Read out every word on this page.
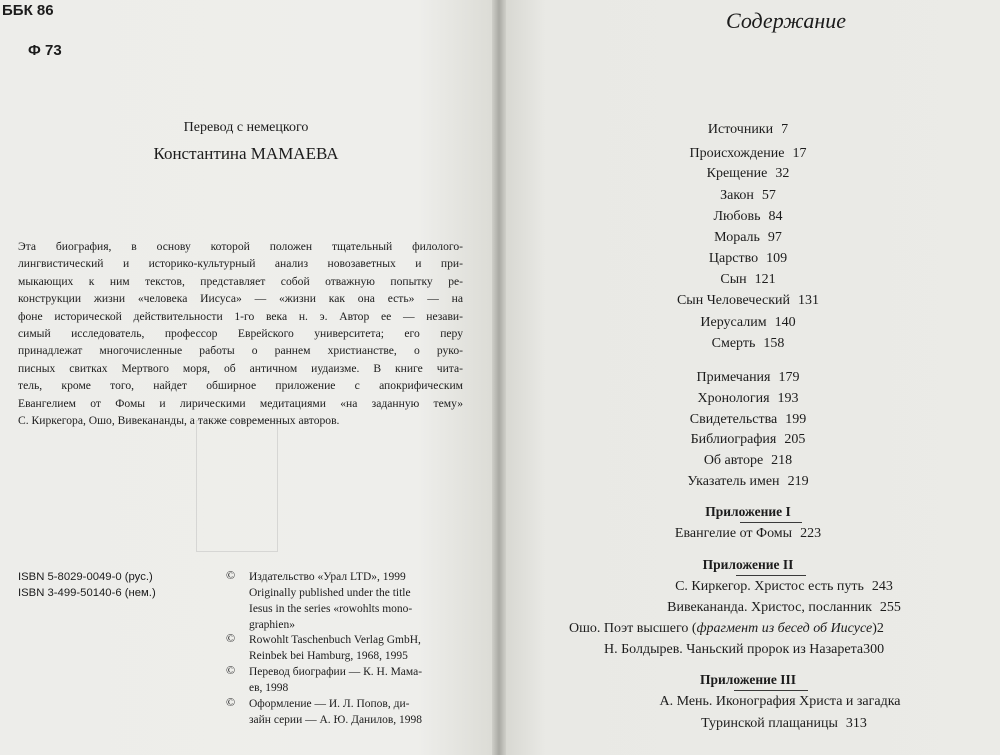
ББК 86
Ф 73
Перевод с немецкого
Константина МАМАЕВА
Эта биография, в основу которой положен тщательный филолого-
лингвистический и историко-культурный анализ новозаветных и при-
мыкающих к ним текстов, представляет собой отважную попытку ре-
конструкции жизни «человека Иисуса» — «жизни как она есть» — на
фоне исторической действительности 1-го века н. э. Автор ее — незави-
симый исследователь, профессор Еврейского университета; его перу
принадлежат многочисленные работы о раннем христианстве, о руко-
писных свитках Мертвого моря, об античном иудаизме. В книге чита-
тель, кроме того, найдет обширное приложение с апокрифическим
Евангелием от Фомы и лирическими медитациями «на заданную тему»
С. Киркегора, Ошо, Вивекананды, а также современных авторов.
ISBN 5-8029-0049-0 (рус.)
ISBN 3-499-50140-6 (нем.)
© Издательство «Урал LTD», 1999
Originally published under the title
Iesus in the series «rowohlts mono-
graphien»
© Rowohlt Taschenbuch Verlag GmbH,
Reinbek bei Hamburg, 1968, 1995
© Перевод биографии — К. Н. Мама-
ев, 1998
© Оформление — И. Л. Попов, ди-
зайн серии — А. Ю. Данилов, 1998
Содержание
Источники 7
Происхождение 17
Крещение 32
Закон 57
Любовь 84
Мораль 97
Царство 109
Сын 121
Сын Человеческий 131
Иерусалим 140
Смерть 158
Примечания 179
Хронология 193
Свидетельства 199
Библиография 205
Об авторе 218
Указатель имен 219
Приложение I
Евангелие от Фомы 223
Приложение II
С. Киркегор. Христос есть путь 243
Вивекананда. Христос, посланник 255
Ошо. Поэт высшего (фрагмент из бесед об Иисусе)2
Н. Болдырев. Чаньский пророк из Назарета300
Приложение III
А. Мень. Иконография Христа и загадка
Туринской плащаницы 313
